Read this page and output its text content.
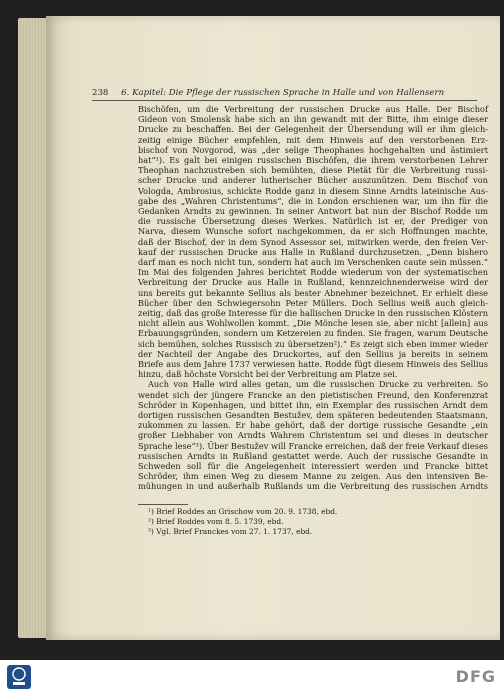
238 6. Kapitel: Die Pflege der russischen Sprache in Halle und von Hallensern
Bischöfen, um die Verbreitung der russischen Drucke aus Halle. Der Bischof
Gideon von Smolensk habe sich an ihn gewandt mit der Bitte, ihm einige dieser
Drucke zu beschaffen. Bei der Gelegenheit der Übersendung will er ihm gleich-
zeitig einige Bücher empfehlen, mit dem Hinweis auf den verstorbenen Erz-
bischof von Novgorod, was „der selige Theophanes hochgehalten und ästimiert
hat“¹). Es galt bei einigen russischen Bischöfen, die ihrem verstorbenen Lehrer
Theophan nachzustreben sich bemühten, diese Pietät für die Verbreitung russi-
scher Drucke und anderer lutherischer Bücher auszunützen. Dem Bischof von
Vologda, Ambrosius, schickte Rodde ganz in diesem Sinne Arndts lateinische Aus-
gabe des „Wahren Christentums“, die in London erschienen war, um ihn für die
Gedanken Arndts zu gewinnen. In seiner Antwort bat nun der Bischof Rodde um
die russische Übersetzung dieses Werkes. Natürlich ist er, der Prediger von
Narva, diesem Wunsche sofort nachgekommen, da er sich Hoffnungen machte,
daß der Bischof, der in dem Synod Assessor sei, mitwirken werde, den freien Ver-
kauf der russischen Drucke aus Halle in Rußland durchzusetzen. „Denn bishero
darf man es noch nicht tun, sondern hat auch im Verschenken caute sein müssen.“
Im Mai des folgenden Jahres berichtet Rodde wiederum von der systematischen
Verbreitung der Drucke aus Halle in Rußland, kennzeichnenderweise wird der
uns bereits gut bekannte Sellius als bester Abnehmer bezeichnet. Er erhielt diese
Bücher über den Schwiegersohn Peter Müllers. Doch Sellius weiß auch gleich-
zeitig, daß das große Interesse für die hallischen Drucke in den russischen Klöstern
nicht allein aus Wohlwollen kommt. „Die Mönche lesen sie, aber nicht [allein] aus
Erbauungsgründen, sondern um Ketzereien zu finden. Sie fragen, warum Deutsche
sich bemühen, solches Russisch zu übersetzen²).“ Es zeigt sich eben immer wieder
der Nachteil der Angabe des Druckortes, auf den Sellius ja bereits in seinem
Briefe aus dem Jahre 1737 verwiesen hatte. Rodde fügt diesem Hinweis des Sellius
hinzu, daß höchste Vorsicht bei der Verbreitung am Platze sei.
Auch von Halle wird alles getan, um die russischen Drucke zu verbreiten. So
wendet sich der jüngere Francke an den pietistischen Freund, den Konferenzrat
Schröder in Kopenhagen, und bittet ihn, ein Exemplar des russischen Arndt dem
dortigen russischen Gesandten Bestužev, dem späteren bedeutenden Staatsmann,
zukommen zu lassen. Er habe gehört, daß der dortige russische Gesandte „ein
großer Liebhaber von Arndts Wahrem Christentum sei und dieses in deutscher
Sprache lese“³). Über Bestužev will Francke erreichen, daß der freie Verkauf dieses
russischen Arndts in Rußland gestattet werde. Auch der russische Gesandte in
Schweden soll für die Angelegenheit interessiert werden und Francke bittet
Schröder, ihm einen Weg zu diesem Manne zu zeigen. Aus den intensiven Be-
mühungen in und außerhalb Rußlands um die Verbreitung des russischen Arndts
¹) Brief Roddes an Grischow vom 20. 9. 1738, ebd.
²) Brief Roddes vom 8. 5. 1739, ebd.
³) Vgl. Brief Franckes vom 27. 1. 1737, ebd.
DFG
